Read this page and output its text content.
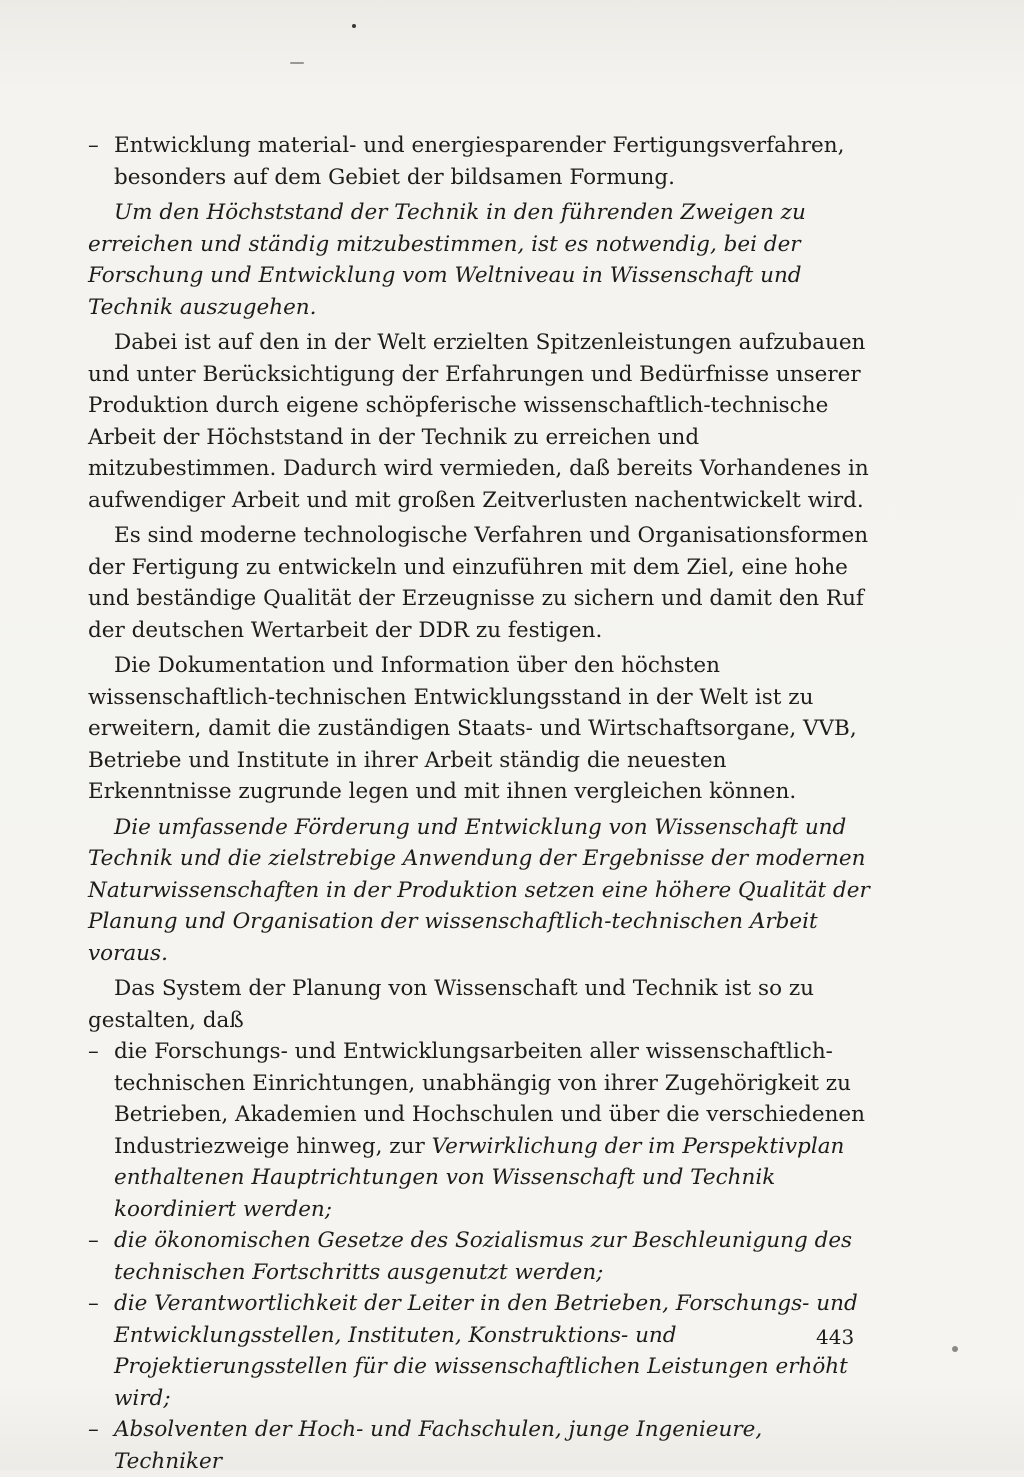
– Entwicklung material- und energiesparender Fertigungsverfahren, besonders auf dem Gebiet der bildsamen Formung.
Um den Höchststand der Technik in den führenden Zweigen zu erreichen und ständig mitzubestimmen, ist es notwendig, bei der Forschung und Entwicklung vom Weltniveau in Wissenschaft und Technik auszugehen.
Dabei ist auf den in der Welt erzielten Spitzenleistungen aufzubauen und unter Berücksichtigung der Erfahrungen und Bedürfnisse unserer Produktion durch eigene schöpferische wissenschaftlich-technische Arbeit der Höchststand in der Technik zu erreichen und mitzubestimmen. Dadurch wird vermieden, daß bereits Vorhandenes in aufwendiger Arbeit und mit großen Zeitverlusten nachentwickelt wird.
Es sind moderne technologische Verfahren und Organisationsformen der Fertigung zu entwickeln und einzuführen mit dem Ziel, eine hohe und beständige Qualität der Erzeugnisse zu sichern und damit den Ruf der deutschen Wertarbeit der DDR zu festigen.
Die Dokumentation und Information über den höchsten wissenschaftlich-technischen Entwicklungsstand in der Welt ist zu erweitern, damit die zuständigen Staats- und Wirtschaftsorgane, VVB, Betriebe und Institute in ihrer Arbeit ständig die neuesten Erkenntnisse zugrunde legen und mit ihnen vergleichen können.
Die umfassende Förderung und Entwicklung von Wissenschaft und Technik und die zielstrebige Anwendung der Ergebnisse der modernen Naturwissenschaften in der Produktion setzen eine höhere Qualität der Planung und Organisation der wissenschaftlich-technischen Arbeit voraus.
Das System der Planung von Wissenschaft und Technik ist so zu gestalten, daß
– die Forschungs- und Entwicklungsarbeiten aller wissenschaftlich-technischen Einrichtungen, unabhängig von ihrer Zugehörigkeit zu Betrieben, Akademien und Hochschulen und über die verschiedenen Industriezweige hinweg, zur Verwirklichung der im Perspektivplan enthaltenen Hauptrichtungen von Wissenschaft und Technik koordiniert werden;
– die ökonomischen Gesetze des Sozialismus zur Beschleunigung des technischen Fortschritts ausgenutzt werden;
– die Verantwortlichkeit der Leiter in den Betrieben, Forschungs- und Entwicklungsstellen, Instituten, Konstruktions- und Projektierungsstellen für die wissenschaftlichen Leistungen erhöht wird;
– Absolventen der Hoch- und Fachschulen, junge Ingenieure, Techniker
443
